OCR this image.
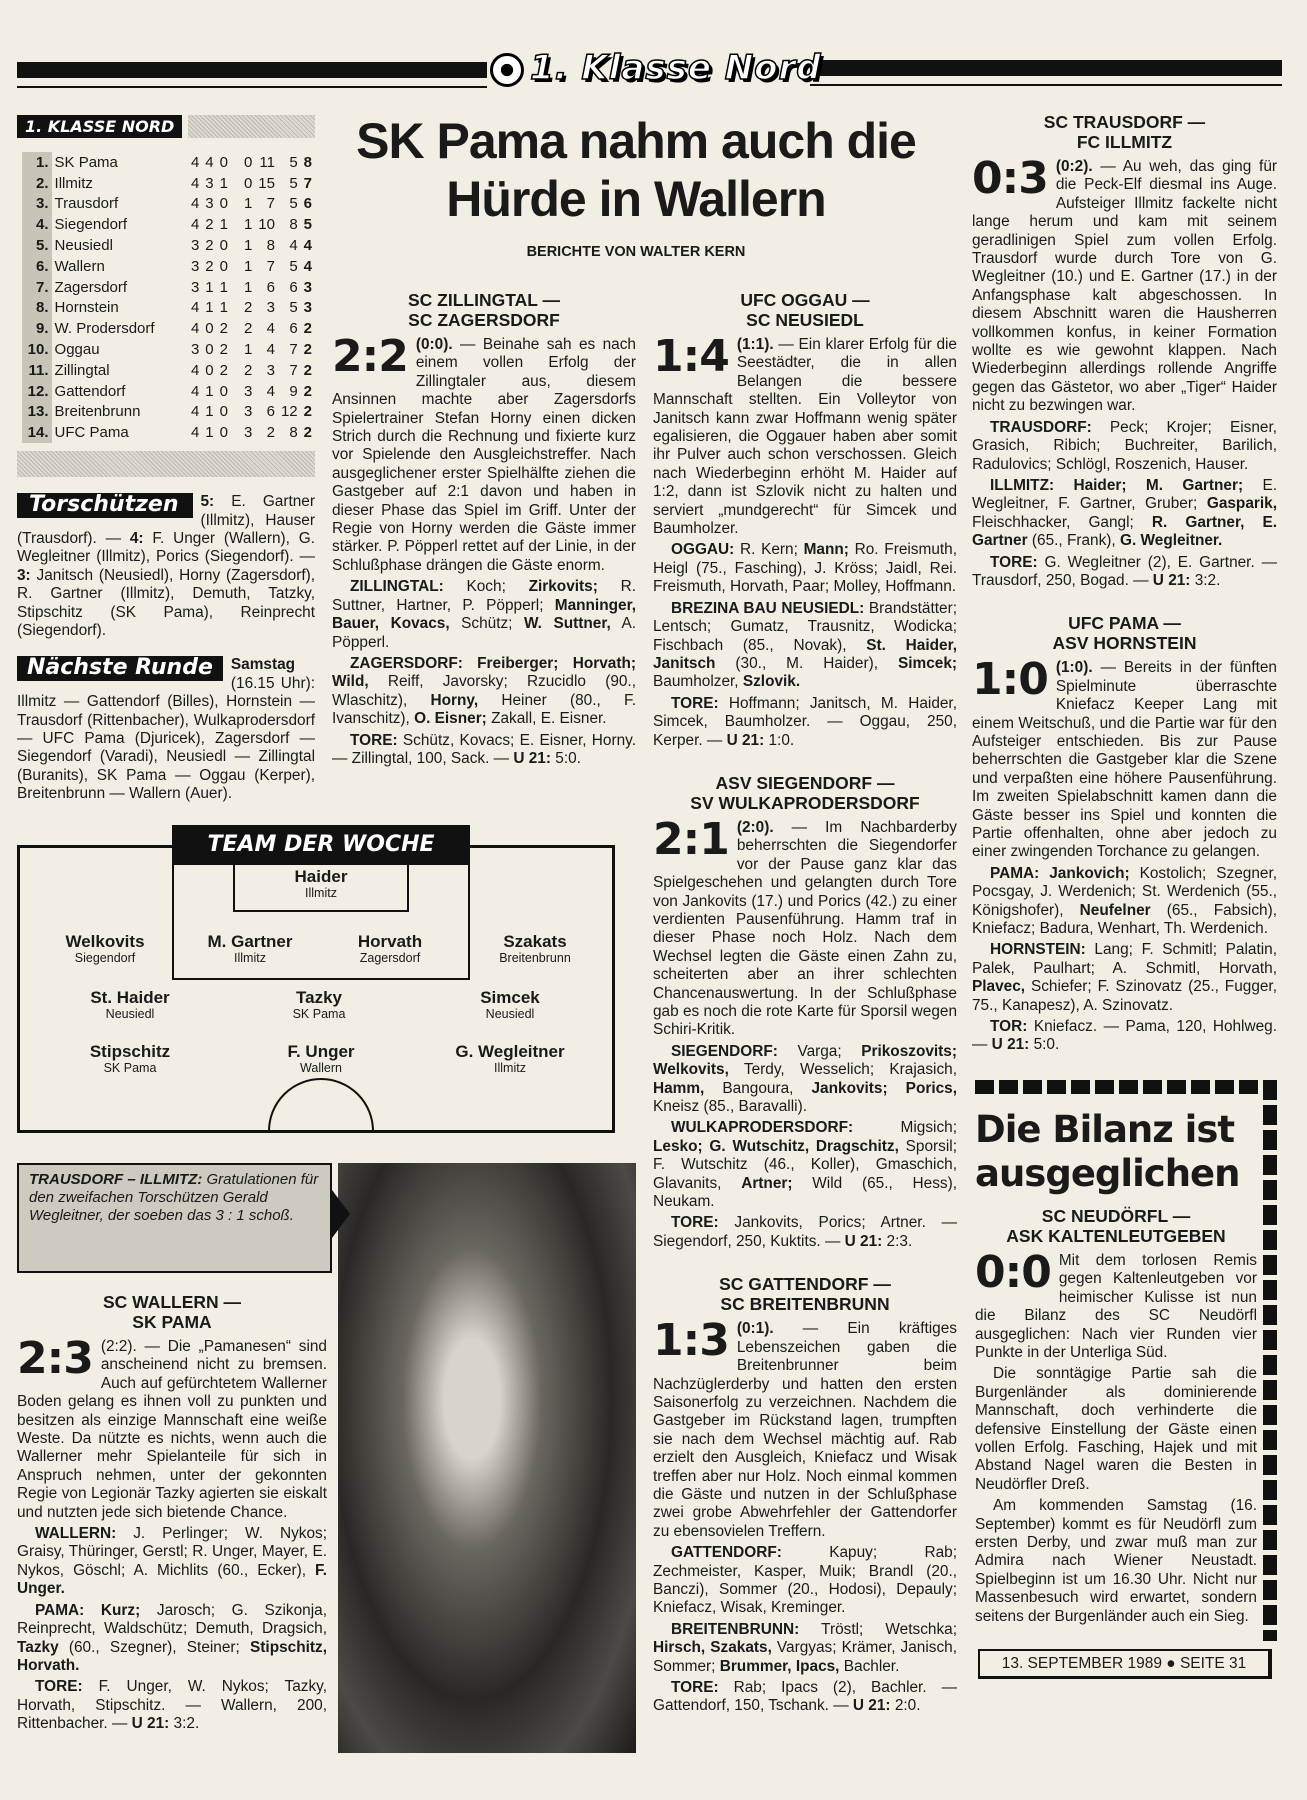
1. Klasse Nord
1. KLASSE NORD
1.	SK Pama	4	4	0	0	11	5	8
2.	Illmitz	4	3	1	0	15	5	7
3.	Trausdorf	4	3	0	1	7	5	6
4.	Siegendorf	4	2	1	1	10	8	5
5.	Neusiedl	3	2	0	1	8	4	4
6.	Wallern	3	2	0	1	7	5	4
7.	Zagersdorf	3	1	1	1	6	6	3
8.	Hornstein	4	1	1	2	3	5	3
9.	W. Prodersdorf	4	0	2	2	4	6	2
10.	Oggau	3	0	2	1	4	7	2
11.	Zillingtal	4	0	2	2	3	7	2
12.	Gattendorf	4	1	0	3	4	9	2
13.	Breitenbrunn	4	1	0	3	6	12	2
14.	UFC Pama	4	1	0	3	2	8	2
Torschützen	5: E. Gartner (Illmitz), Hauser (Trausdorf). — 4: F. Unger (Wallern), G. Wegleitner (Illmitz), Porics (Siegendorf). — 3: Janitsch (Neusiedl), Horny (Zagersdorf), R. Gartner (Illmitz), Demuth, Tatzky, Stipschitz (SK Pama), Reinprecht (Siegendorf).
Nächste Runde	Samstag (16.15 Uhr): Illmitz — Gattendorf (Billes), Hornstein — Trausdorf (Rittenbacher), Wulkaprodersdorf — UFC Pama (Djuricek), Zagersdorf — Siegendorf (Varadi), Neusiedl — Zillingtal (Buranits), SK Pama — Oggau (Kerper), Breitenbrunn — Wallern (Auer).
TEAM DER WOCHE
Haider
Illmitz
Welkovits
Siegendorf
M. Gartner
Illmitz
Horvath
Zagersdorf
Szakats
Breitenbrunn
St. Haider
Neusiedl
Tazky
SK Pama
Simcek
Neusiedl
Stipschitz
SK Pama
F. Unger
Wallern
G. Wegleitner
Illmitz
TRAUSDORF – ILLMITZ: Gratulationen für den zweifachen Torschützen Gerald Wegleitner, der soeben das 3 : 1 schoß.
SK Pama nahm auch die Hürde in Wallern
BERICHTE VON WALTER KERN
SC ZILLINGTAL —
SC ZAGERSDORF

2:2 (0:0). — Beinahe sah es nach einem vollen Erfolg der Zillingtaler aus, diesem Ansinnen machte aber Zagersdorfs Spielertrainer Stefan Horny einen dicken Strich durch die Rechnung und fixierte kurz vor Spielende den Ausgleichstreffer. Nach ausgeglichener erster Spielhälfte ziehen die Gastgeber auf 2:1 davon und haben in dieser Phase das Spiel im Griff. Unter der Regie von Horny werden die Gäste immer stärker. P. Pöpperl rettet auf der Linie, in der Schlußphase drängen die Gäste enorm.

ZILLINGTAL: Koch; Zirkovits; R. Suttner, Hartner, P. Pöpperl; Manninger, Bauer, Kovacs, Schütz; W. Suttner, A. Pöpperl.

ZAGERSDORF: Freiberger; Horvath; Wild, Reiff, Javorsky; Rzucidlo (90., Wlaschitz), Horny, Heiner (80., F. Ivanschitz), O. Eisner; Zakall, E. Eisner.

TORE: Schütz, Kovacs; E. Eisner, Horny. — Zillingtal, 100, Sack. — U 21: 5:0.

UFC OGGAU —
SC NEUSIEDL

1:4 (1:1). — Ein klarer Erfolg für die Seestädter, die in allen Belangen die bessere Mannschaft stellten. Ein Volleytor von Janitsch kann zwar Hoffmann wenig später egalisieren, die Oggauer haben aber somit ihr Pulver auch schon verschossen. Gleich nach Wiederbeginn erhöht M. Haider auf 1:2, dann ist Szlovik nicht zu halten und serviert „mundgerecht“ für Simcek und Baumholzer.

OGGAU: R. Kern; Mann; Ro. Freismuth, Heigl (75., Fasching), J. Kröss; Jaidl, Rei. Freismuth, Horvath, Paar; Molley, Hoffmann.

BREZINA BAU NEUSIEDL: Brandstätter; Lentsch; Gumatz, Trausnitz, Wodicka; Fischbach (85., Novak), St. Haider, Janitsch (30., M. Haider), Simcek; Baumholzer, Szlovik.

TORE: Hoffmann; Janitsch, M. Haider, Simcek, Baumholzer. — Oggau, 250, Kerper. — U 21: 1:0.

ASV SIEGENDORF —
SV WULKAPRODERSDORF

2:1 (2:0). — Im Nachbarderby beherrschten die Siegendorfer vor der Pause ganz klar das Spielgeschehen und gelangten durch Tore von Jankovits (17.) und Porics (42.) zu einer verdienten Pausenführung. Hamm traf in dieser Phase noch Holz. Nach dem Wechsel legten die Gäste einen Zahn zu, scheiterten aber an ihrer schlechten Chancenauswertung. In der Schlußphase gab es noch die rote Karte für Sporsil wegen Schiri-Kritik.

SIEGENDORF: Varga; Prikoszovits; Welkovits, Terdy, Wesselich; Krajasich, Hamm, Bangoura, Jankovits; Porics, Kneisz (85., Baravalli).

WULKAPRODERSDORF: Migsich; Lesko; G. Wutschitz, Dragschitz, Sporsil; F. Wutschitz (46., Koller), Gmaschich, Glavanits, Artner; Wild (65., Hess), Neukam.

TORE: Jankovits, Porics; Artner. — Siegendorf, 250, Kuktits. — U 21: 2:3.

SC GATTENDORF —
SC BREITENBRUNN

1:3 (0:1). — Ein kräftiges Lebenszeichen gaben die Breitenbrunner beim Nachzüglerderby und hatten den ersten Saisonerfolg zu verzeichnen. Nachdem die Gastgeber im Rückstand lagen, trumpften sie nach dem Wechsel mächtig auf. Rab erzielt den Ausgleich, Kniefacz und Wisak treffen aber nur Holz. Noch einmal kommen die Gäste und nutzen in der Schlußphase zwei grobe Abwehrfehler der Gattendorfer zu ebensovielen Treffern.

GATTENDORF: Kapuy; Rab; Zechmeister, Kasper, Muik; Brandl (20., Banczi), Sommer (20., Hodosi), Depauly; Kniefacz, Wisak, Kreminger.

BREITENBRUNN: Tröstl; Wetschka; Hirsch, Szakats, Vargyas; Krämer, Janisch, Sommer; Brummer, Ipacs, Bachler.

TORE: Rab; Ipacs (2), Bachler. — Gattendorf, 150, Tschank. — U 21: 2:0.

SC TRAUSDORF —
FC ILLMITZ

0:3 (0:2). — Au weh, das ging für die Peck-Elf diesmal ins Auge. Aufsteiger Illmitz fackelte nicht lange herum und kam mit seinem geradlinigen Spiel zum vollen Erfolg. Trausdorf wurde durch Tore von G. Wegleitner (10.) und E. Gartner (17.) in der Anfangsphase kalt abgeschossen. In diesem Abschnitt waren die Hausherren vollkommen konfus, in keiner Formation wollte es wie gewohnt klappen. Nach Wiederbeginn allerdings rollende Angriffe gegen das Gästetor, wo aber „Tiger“ Haider nicht zu bezwingen war.

TRAUSDORF: Peck; Krojer; Eisner, Grasich, Ribich; Buchreiter, Barilich, Radulovics; Schlögl, Roszenich, Hauser.

ILLMITZ: Haider; M. Gartner; E. Wegleitner, F. Gartner, Gruber; Gasparik, Fleischhacker, Gangl; R. Gartner, E. Gartner (65., Frank), G. Wegleitner.

TORE: G. Wegleitner (2), E. Gartner. — Trausdorf, 250, Bogad. — U 21: 3:2.

UFC PAMA —
ASV HORNSTEIN

1:0 (1:0). — Bereits in der fünften Spielminute überraschte Kniefacz Keeper Lang mit einem Weitschuß, und die Partie war für den Aufsteiger entschieden. Bis zur Pause beherrschten die Gastgeber klar die Szene und verpaßten eine höhere Pausenführung. Im zweiten Spielabschnitt kamen dann die Gäste besser ins Spiel und konnten die Partie offenhalten, ohne aber jedoch zu einer zwingenden Torchance zu gelangen.

PAMA: Jankovich; Kostolich; Szegner, Pocsgay, J. Werdenich; St. Werdenich (55., Königshofer), Neufelner (65., Fabsich), Kniefacz; Badura, Wenhart, Th. Werdenich.

HORNSTEIN: Lang; F. Schmitl; Palatin, Palek, Paulhart; A. Schmitl, Horvath, Plavec, Schiefer; F. Szinovatz (25., Fugger, 75., Kanapesz), A. Szinovatz.

TOR: Kniefacz. — Pama, 120, Hohlweg. — U 21: 5:0.

Die Bilanz ist ausgeglichen
SC NEUDÖRFL —
ASK KALTENLEUTGEBEN

0:0 Mit dem torlosen Remis gegen Kaltenleutgeben vor heimischer Kulisse ist nun die Bilanz des SC Neudörfl ausgeglichen: Nach vier Runden vier Punkte in der Unterliga Süd.

Die sonntägige Partie sah die Burgenländer als dominierende Mannschaft, doch verhinderte die defensive Einstellung der Gäste einen vollen Erfolg. Fasching, Hajek und mit Abstand Nagel waren die Besten in Neudörfler Dreß.

Am kommenden Samstag (16. September) kommt es für Neudörfl zum ersten Derby, und zwar muß man zur Admira nach Wiener Neustadt. Spielbeginn ist um 16.30 Uhr. Nicht nur Massenbesuch wird erwartet, sondern seitens der Burgenländer auch ein Sieg.

13. SEPTEMBER 1989 ● SEITE 31
SC WALLERN —
SK PAMA

2:3 (2:2). — Die „Pamanesen“ sind anscheinend nicht zu bremsen. Auch auf gefürchtetem Wallerner Boden gelang es ihnen voll zu punkten und besitzen als einzige Mannschaft eine weiße Weste. Da nützte es nichts, wenn auch die Wallerner mehr Spielanteile für sich in Anspruch nehmen, unter der gekonnten Regie von Legionär Tazky agierten sie eiskalt und nutzten jede sich bietende Chance.

WALLERN: J. Perlinger; W. Nykos; Graisy, Thüringer, Gerstl; R. Unger, Mayer, E. Nykos, Göschl; A. Michlits (60., Ecker), F. Unger.

PAMA: Kurz; Jarosch; G. Szikonja, Reinprecht, Waldschütz; Demuth, Dragsich, Tazky (60., Szegner), Steiner; Stipschitz, Horvath.

TORE: F. Unger, W. Nykos; Tazky, Horvath, Stipschitz. — Wallern, 200, Rittenbacher. — U 21: 3:2.
